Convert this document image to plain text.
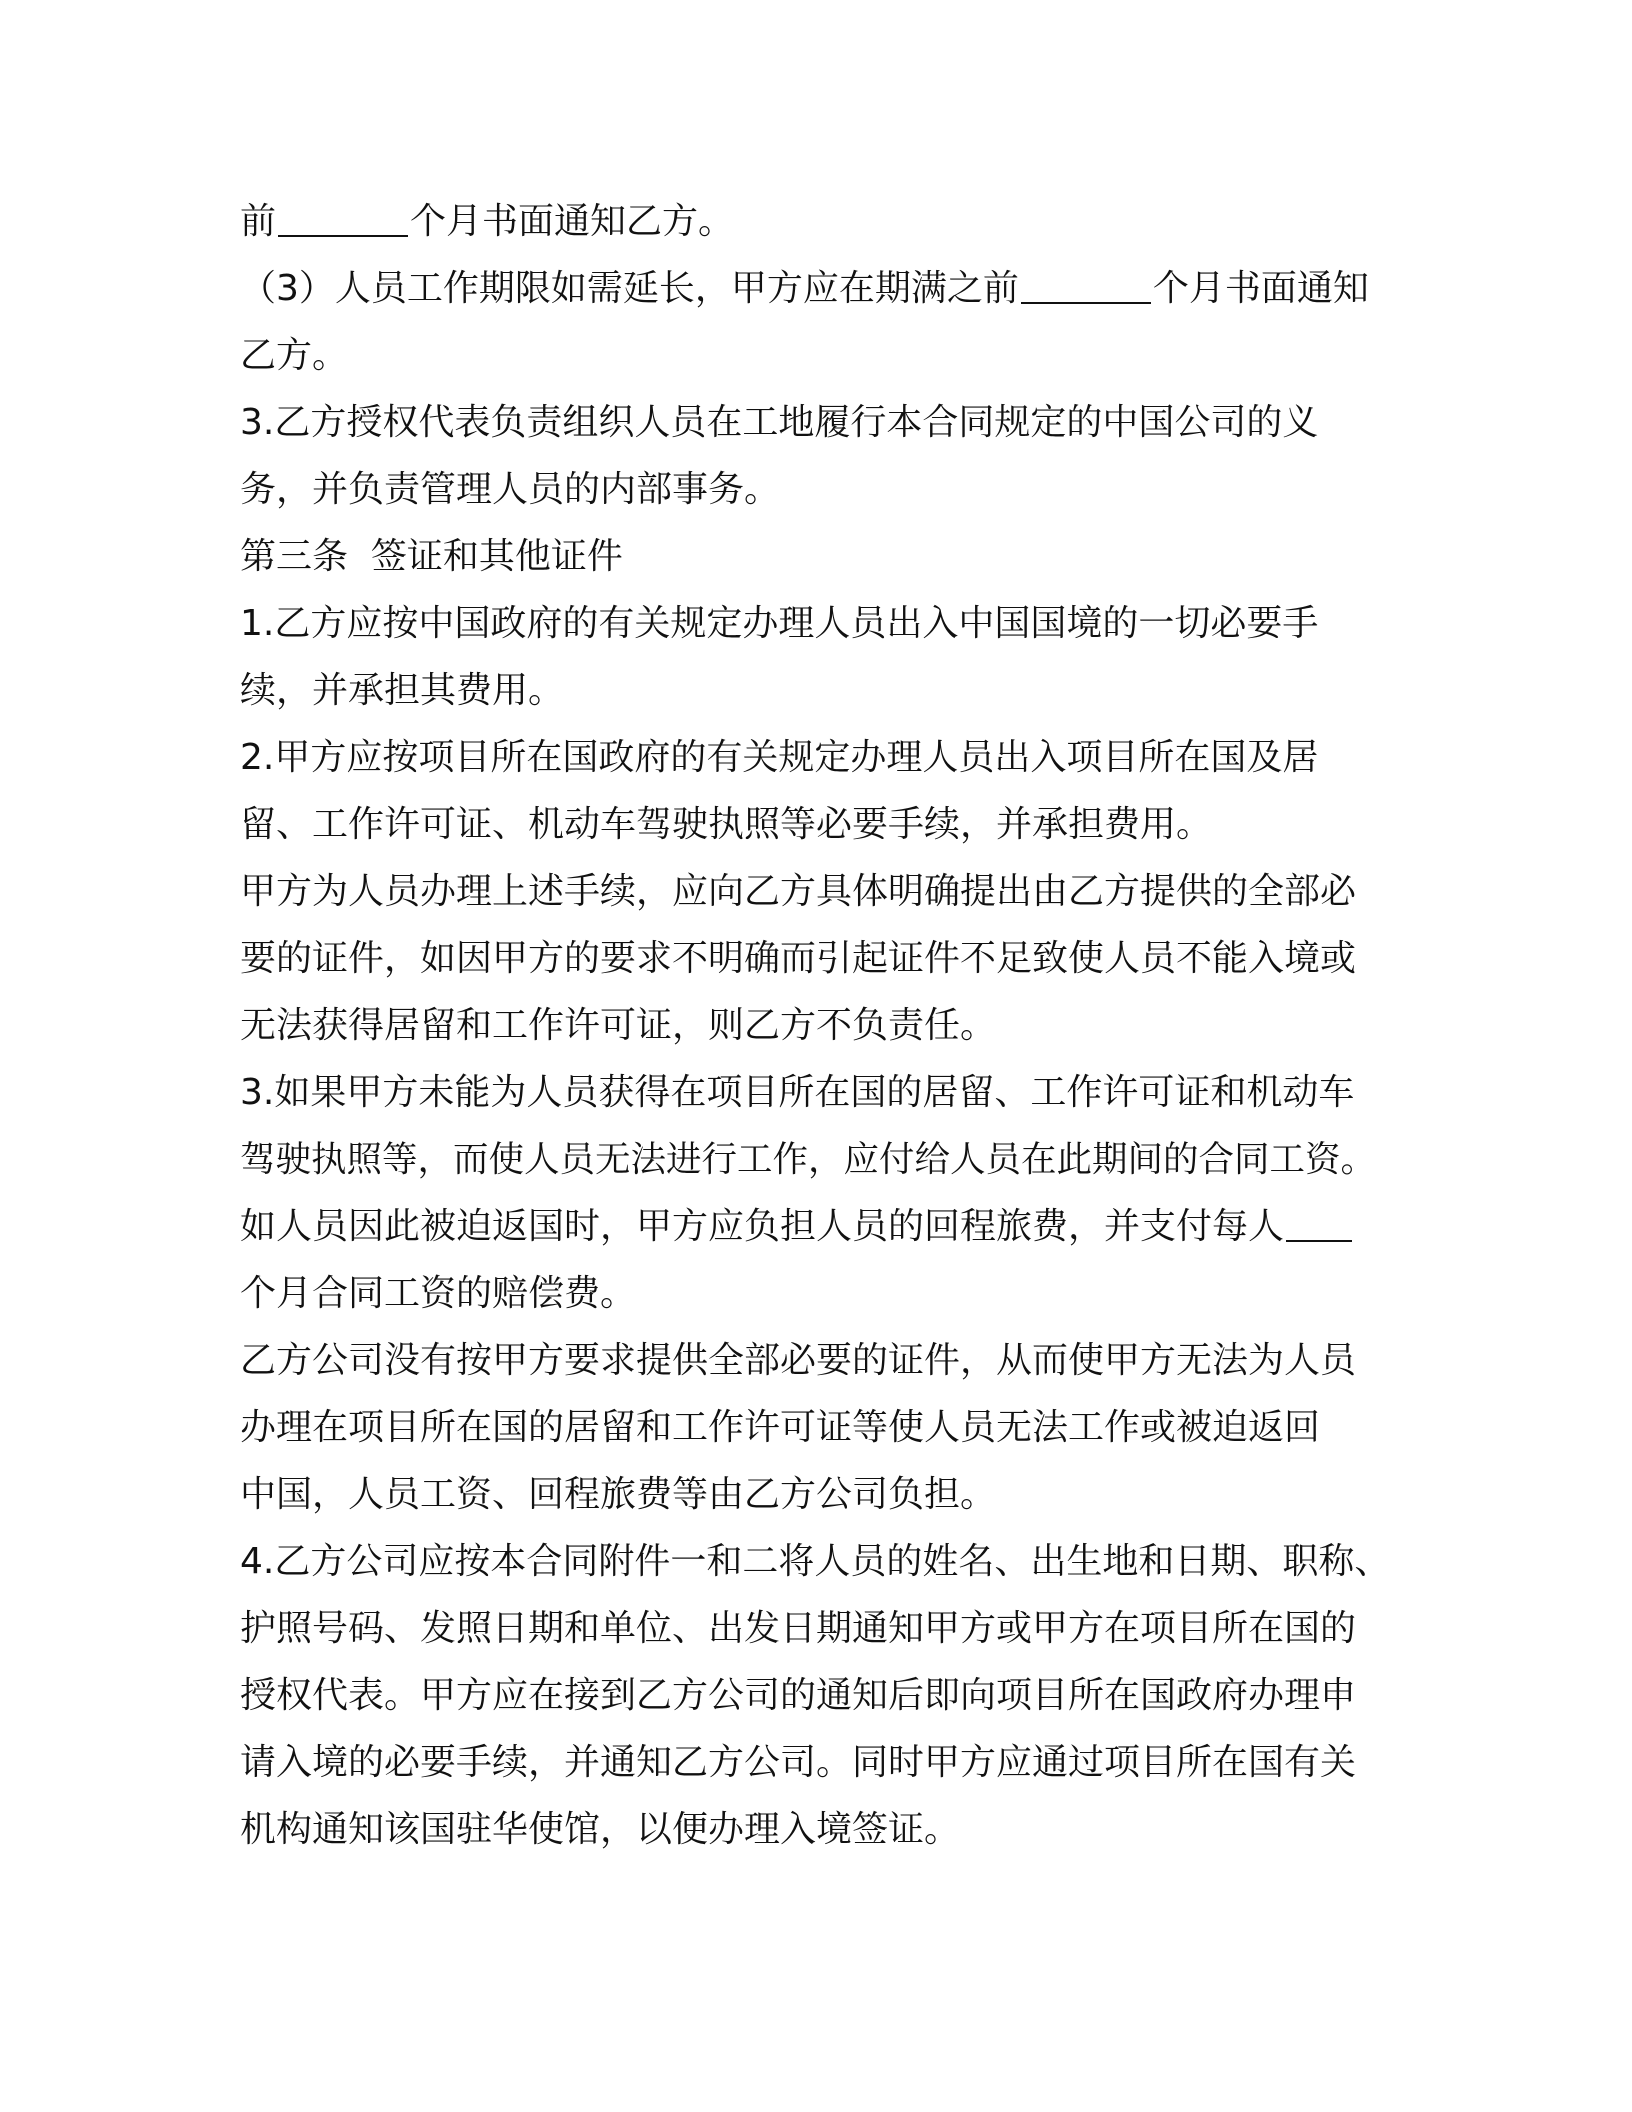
前	个月书面通知乙方。
（3）人员工作期限如需延长，甲方应在期满之前	个月书面通知
乙方。
3.乙方授权代表负责组织人员在工地履行本合同规定的中国公司的义
务，并负责管理人员的内部事务。
第三条  签证和其他证件
1.乙方应按中国政府的有关规定办理人员出入中国国境的一切必要手
续，并承担其费用。
2.甲方应按项目所在国政府的有关规定办理人员出入项目所在国及居
留、工作许可证、机动车驾驶执照等必要手续，并承担费用。
甲方为人员办理上述手续，应向乙方具体明确提出由乙方提供的全部必
要的证件，如因甲方的要求不明确而引起证件不足致使人员不能入境或
无法获得居留和工作许可证，则乙方不负责任。
3.如果甲方未能为人员获得在项目所在国的居留、工作许可证和机动车
驾驶执照等，而使人员无法进行工作，应付给人员在此期间的合同工资。
如人员因此被迫返国时，甲方应负担人员的回程旅费，并支付每人
个月合同工资的赔偿费。
乙方公司没有按甲方要求提供全部必要的证件，从而使甲方无法为人员
办理在项目所在国的居留和工作许可证等使人员无法工作或被迫返回
中国，人员工资、回程旅费等由乙方公司负担。
4.乙方公司应按本合同附件一和二将人员的姓名、出生地和日期、职称、
护照号码、发照日期和单位、出发日期通知甲方或甲方在项目所在国的
授权代表。甲方应在接到乙方公司的通知后即向项目所在国政府办理申
请入境的必要手续，并通知乙方公司。同时甲方应通过项目所在国有关
机构通知该国驻华使馆，以便办理入境签证。
